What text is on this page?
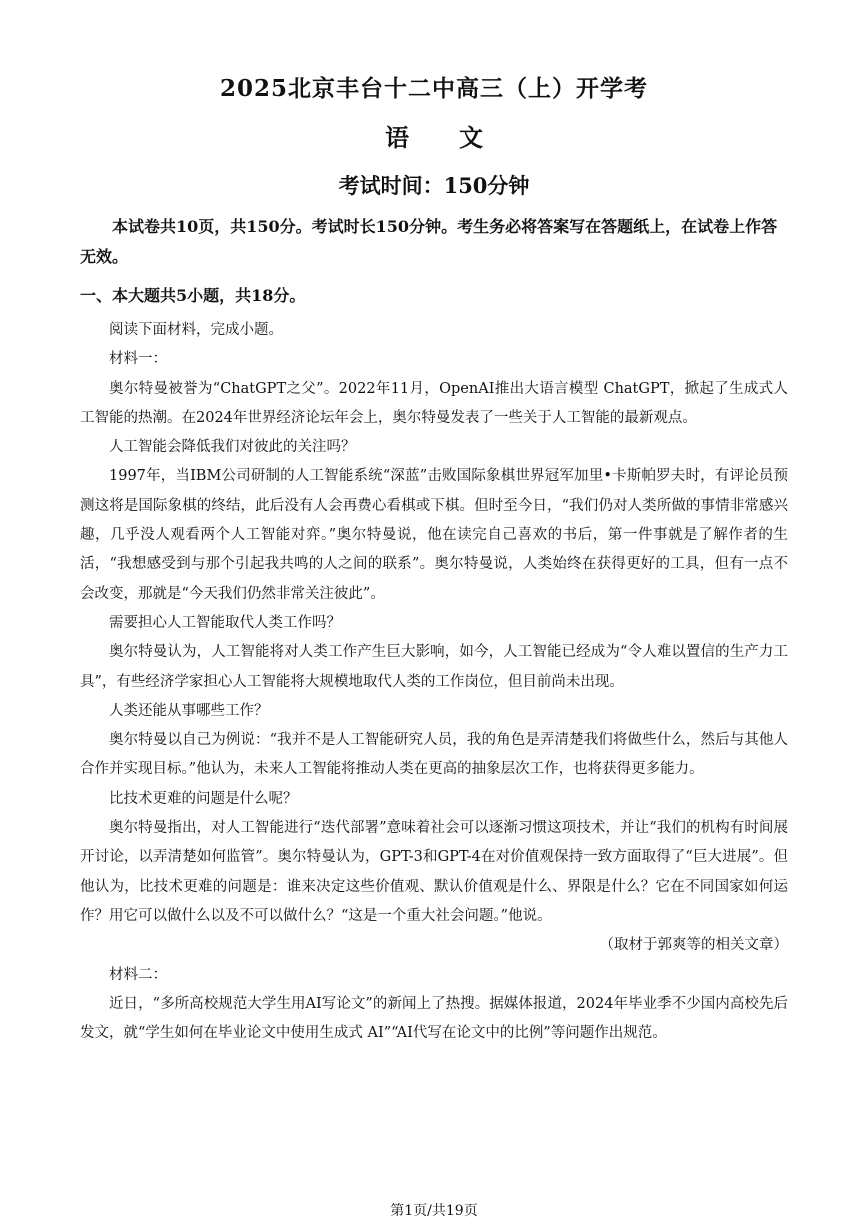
2025北京丰台十二中高三（上）开学考
语文
考试时间：150分钟
本试卷共10页，共150分。考试时长150分钟。考生务必将答案写在答题纸上，在试卷上作答无效。
一、本大题共5小题，共18分。

阅读下面材料，完成小题。

材料一：

奥尔特曼被誉为“ChatGPT之父”。2022年11月，OpenAI推出大语言模型 ChatGPT，掀起了生成式人工智能的热潮。在2024年世界经济论坛年会上，奥尔特曼发表了一些关于人工智能的最新观点。

人工智能会降低我们对彼此的关注吗？

1997年，当IBM公司研制的人工智能系统“深蓝”击败国际象棋世界冠军加里•卡斯帕罗夫时，有评论员预测这将是国际象棋的终结，此后没有人会再费心看棋或下棋。但时至今日，“我们仍对人类所做的事情非常感兴趣，几乎没人观看两个人工智能对弈。”奥尔特曼说，他在读完自己喜欢的书后，第一件事就是了解作者的生活，“我想感受到与那个引起我共鸣的人之间的联系”。奥尔特曼说，人类始终在获得更好的工具，但有一点不会改变，那就是“今天我们仍然非常关注彼此”。

需要担心人工智能取代人类工作吗？

奥尔特曼认为，人工智能将对人类工作产生巨大影响，如今，人工智能已经成为“令人难以置信的生产力工具”，有些经济学家担心人工智能将大规模地取代人类的工作岗位，但目前尚未出现。

人类还能从事哪些工作？

奥尔特曼以自己为例说：“我并不是人工智能研究人员，我的角色是弄清楚我们将做些什么，然后与其他人合作并实现目标。”他认为，未来人工智能将推动人类在更高的抽象层次工作，也将获得更多能力。

比技术更难的问题是什么呢？

奥尔特曼指出，对人工智能进行“迭代部署”意味着社会可以逐渐习惯这项技术，并让“我们的机构有时间展开讨论，以弄清楚如何监管”。奥尔特曼认为，GPT-3和GPT-4在对价值观保持一致方面取得了“巨大进展”。但他认为，比技术更难的问题是：谁来决定这些价值观、默认价值观是什么、界限是什么？它在不同国家如何运作？用它可以做什么以及不可以做什么？“这是一个重大社会问题。”他说。

（取材于郭爽等的相关文章）

材料二：

近日，“多所高校规范大学生用AI写论文”的新闻上了热搜。据媒体报道，2024年毕业季不少国内高校先后发文，就“学生如何在毕业论文中使用生成式 AI”“AI代写在论文中的比例”等问题作出规范。

第1页/共19页
